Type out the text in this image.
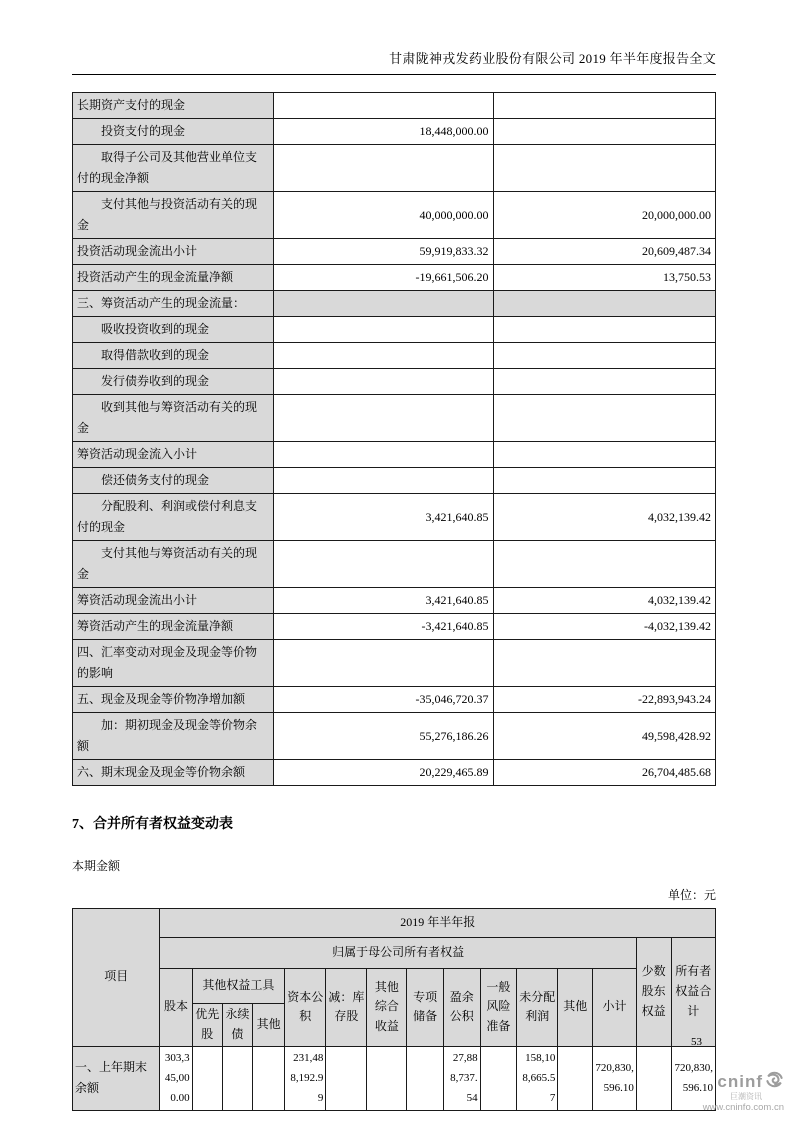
甘肃陇神戎发药业股份有限公司 2019 年半年度报告全文
长期资产支付的现金		
投资支付的现金	18,448,000.00	
取得子公司及其他营业单位支付的现金净额		
支付其他与投资活动有关的现金	40,000,000.00	20,000,000.00
投资活动现金流出小计	59,919,833.32	20,609,487.34
投资活动产生的现金流量净额	-19,661,506.20	13,750.53
三、筹资活动产生的现金流量：		
吸收投资收到的现金		
取得借款收到的现金		
发行债券收到的现金		
收到其他与筹资活动有关的现金		
筹资活动现金流入小计		
偿还债务支付的现金		
分配股利、利润或偿付利息支付的现金	3,421,640.85	4,032,139.42
支付其他与筹资活动有关的现金		
筹资活动现金流出小计	3,421,640.85	4,032,139.42
筹资活动产生的现金流量净额	-3,421,640.85	-4,032,139.42
四、汇率变动对现金及现金等价物的影响		
五、现金及现金等价物净增加额	-35,046,720.37	-22,893,943.24
加：期初现金及现金等价物余额	55,276,186.26	49,598,428.92
六、期末现金及现金等价物余额	20,229,465.89	26,704,485.68
7、合并所有者权益变动表
本期金额
单位：元
项目	2019 年半年报														
	归属于母公司所有者权益													少数股东权益	所有者权益合计
	股本	其他权益工具			资本公积	减：库存股	其他综合收益	专项储备	盈余公积	一般风险准备	未分配利润	其他	小计		
		优先股	永续债	其他											
一、上年期末余额	303,345,000.00				231,488,192.99				27,888,737.54		158,108,665.57		720,830,596.10		720,830,596.10
53
cninf
巨潮资讯
www.cninfo.com.cn
